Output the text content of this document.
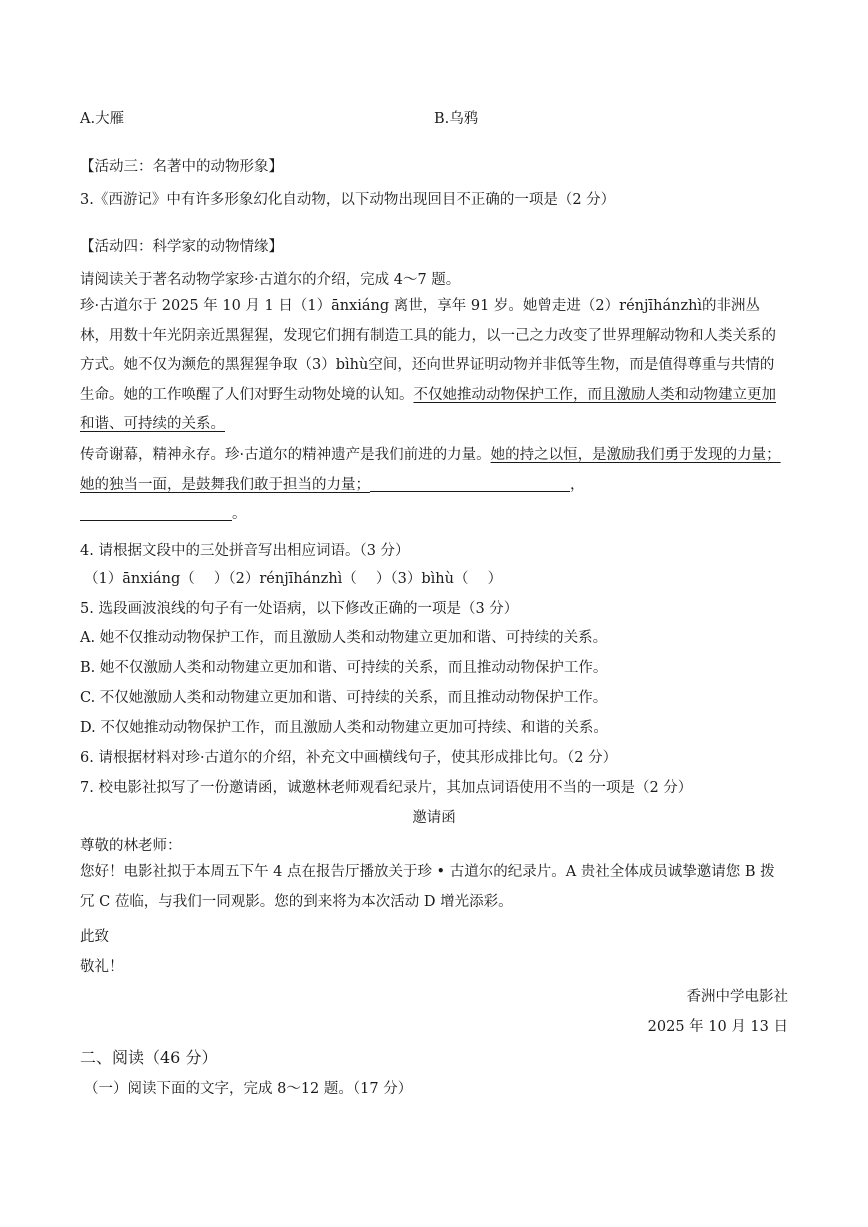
A.大雁	B.乌鸦
【活动三：名著中的动物形象】
3.《西游记》中有许多形象幻化自动物，以下动物出现回目不正确的一项是（2 分）
【活动四：科学家的动物情缘】
请阅读关于著名动物学家珍·古道尔的介绍，完成 4～7 题。
珍·古道尔于 2025 年 10 月 1 日（1）ānxiáng 离世，享年 91 岁。她曾走进（2）rénjīhánzhì的非洲丛林，用数十年光阴亲近黑猩猩，发现它们拥有制造工具的能力，以一己之力改变了世界理解动物和人类关系的方式。她不仅为濒危的黑猩猩争取（3）bìhù空间，还向世界证明动物并非低等生物，而是值得尊重与共情的生命。她的工作唤醒了人们对野生动物处境的认知。不仅她推动动物保护工作，而且激励人类和动物建立更加和谐、可持续的关系。
传奇谢幕，精神永存。珍·古道尔的精神遗产是我们前进的力量。她的持之以恒，是激励我们勇于发现的力量；她的独当一面，是鼓舞我们敢于担当的力量；	，
。
4. 请根据文段中的三处拼音写出相应词语。（3 分）
（1）ānxiáng（　 ）（2）rénjīhánzhì（　 ）（3）bìhù（　 ）
5. 选段画波浪线的句子有一处语病，以下修改正确的一项是（3 分）
A. 她不仅推动动物保护工作，而且激励人类和动物建立更加和谐、可持续的关系。
B. 她不仅激励人类和动物建立更加和谐、可持续的关系，而且推动动物保护工作。
C. 不仅她激励人类和动物建立更加和谐、可持续的关系，而且推动动物保护工作。
D. 不仅她推动动物保护工作，而且激励人类和动物建立更加可持续、和谐的关系。
6. 请根据材料对珍·古道尔的介绍，补充文中画横线句子，使其形成排比句。（2 分）
7. 校电影社拟写了一份邀请函，诚邀林老师观看纪录片，其加点词语使用不当的一项是（2 分）
邀请函
尊敬的林老师：
您好！电影社拟于本周五下午 4 点在报告厅播放关于珍 • 古道尔的纪录片。A 贵社全体成员诚挚邀请您 B 拨冗 C 莅临，与我们一同观影。您的到来将为本次活动 D 增光添彩。
此致
敬礼！
香洲中学电影社
2025 年 10 月 13 日
二、阅读（46 分）
（一）阅读下面的文字，完成 8～12 题。（17 分）
